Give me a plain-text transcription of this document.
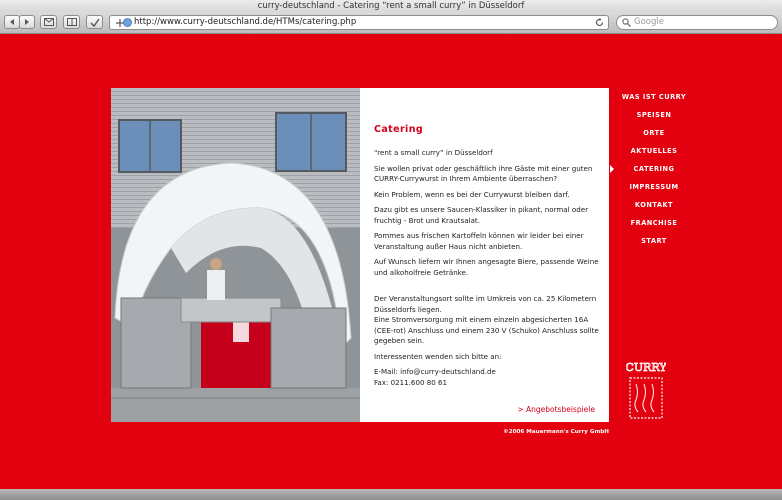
curry-deutschland - Catering “rent a small curry” in Düsseldorf
http://www.curry-deutschland.de/HTMs/catering.php	Google
Catering

“rent a small curry” in Düsseldorf

Sie wollen privat oder geschäftlich ihre Gäste mit einer guten CURRY-Currywurst in Ihrem Ambiente überraschen?

Kein Problem, wenn es bei der Currywurst bleiben darf.

Dazu gibt es unsere Saucen-Klassiker in pikant, normal oder fruchtig - Brot und Krautsalat.

Pommes aus frischen Kartoffeln können wir leider bei einer Veranstaltung außer Haus nicht anbieten.

Auf Wunsch liefern wir Ihnen angesagte Biere, passende Weine und alkoholfreie Getränke.

Der Veranstaltungsort sollte im Umkreis von ca. 25 Kilometern Düsseldorfs liegen.

Eine Stromversorgung mit einem einzeln abgesicherten 16A (CEE-rot) Anschluss und einem 230 V (Schuko) Anschluss sollte gegeben sein.

Interessenten wenden sich bitte an:

E-Mail: info@curry-deutschland.de

Fax: 0211.600 80 61

> Angebotsbeispiele
WAS IST CURRY
SPEISEN
ORTE
AKTUELLES
CATERING
IMPRESSUM
KONTAKT
FRANCHISE
START
CURRY
©2006 Mauermann's Curry GmbH
